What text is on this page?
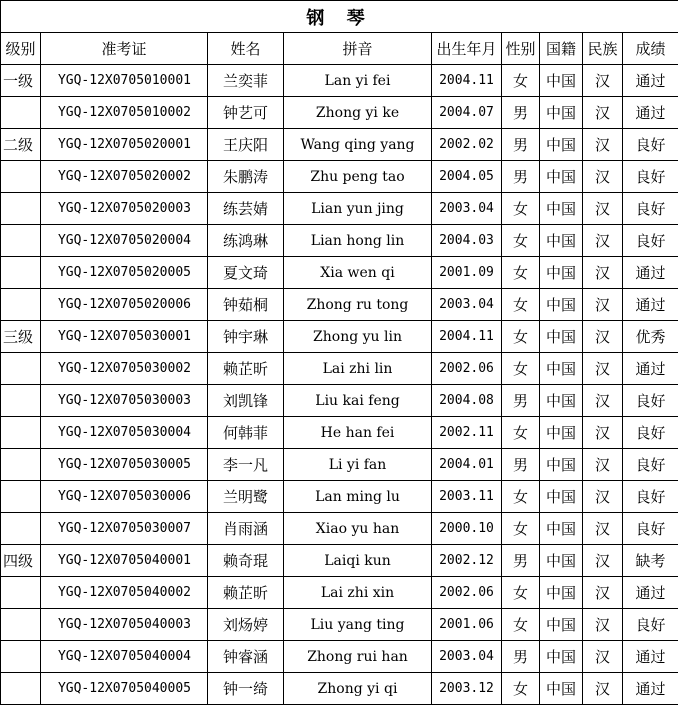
钢 琴								
级别	准考证	姓名	拼音	出生年月	性别	国籍	民族	成绩
一级	YGQ-12X0705010001	兰奕菲	Lan yi fei	2004.11	女	中国	汉	通过
	YGQ-12X0705010002	钟艺可	Zhong yi ke	2004.07	男	中国	汉	通过
二级	YGQ-12X0705020001	王庆阳	Wang qing yang	2002.02	男	中国	汉	良好
	YGQ-12X0705020002	朱鹏涛	Zhu peng tao	2004.05	男	中国	汉	良好
	YGQ-12X0705020003	练芸婧	Lian yun jing	2003.04	女	中国	汉	良好
	YGQ-12X0705020004	练鸿琳	Lian hong lin	2004.03	女	中国	汉	良好
	YGQ-12X0705020005	夏文琦	Xia wen qi	2001.09	女	中国	汉	通过
	YGQ-12X0705020006	钟茹桐	Zhong ru tong	2003.04	女	中国	汉	通过
三级	YGQ-12X0705030001	钟宇琳	Zhong yu lin	2004.11	女	中国	汉	优秀
	YGQ-12X0705030002	赖芷昕	Lai zhi lin	2002.06	女	中国	汉	通过
	YGQ-12X0705030003	刘凯锋	Liu kai feng	2004.08	男	中国	汉	良好
	YGQ-12X0705030004	何韩菲	He han fei	2002.11	女	中国	汉	良好
	YGQ-12X0705030005	李一凡	Li yi fan	2004.01	男	中国	汉	良好
	YGQ-12X0705030006	兰明鹭	Lan ming lu	2003.11	女	中国	汉	良好
	YGQ-12X0705030007	肖雨涵	Xiao yu han	2000.10	女	中国	汉	良好
四级	YGQ-12X0705040001	赖奇琨	Laiqi kun	2002.12	男	中国	汉	缺考
	YGQ-12X0705040002	赖芷昕	Lai zhi xin	2002.06	女	中国	汉	通过
	YGQ-12X0705040003	刘炀婷	Liu yang ting	2001.06	女	中国	汉	良好
	YGQ-12X0705040004	钟睿涵	Zhong rui han	2003.04	男	中国	汉	通过
	YGQ-12X0705040005	钟一绮	Zhong yi qi	2003.12	女	中国	汉	通过
